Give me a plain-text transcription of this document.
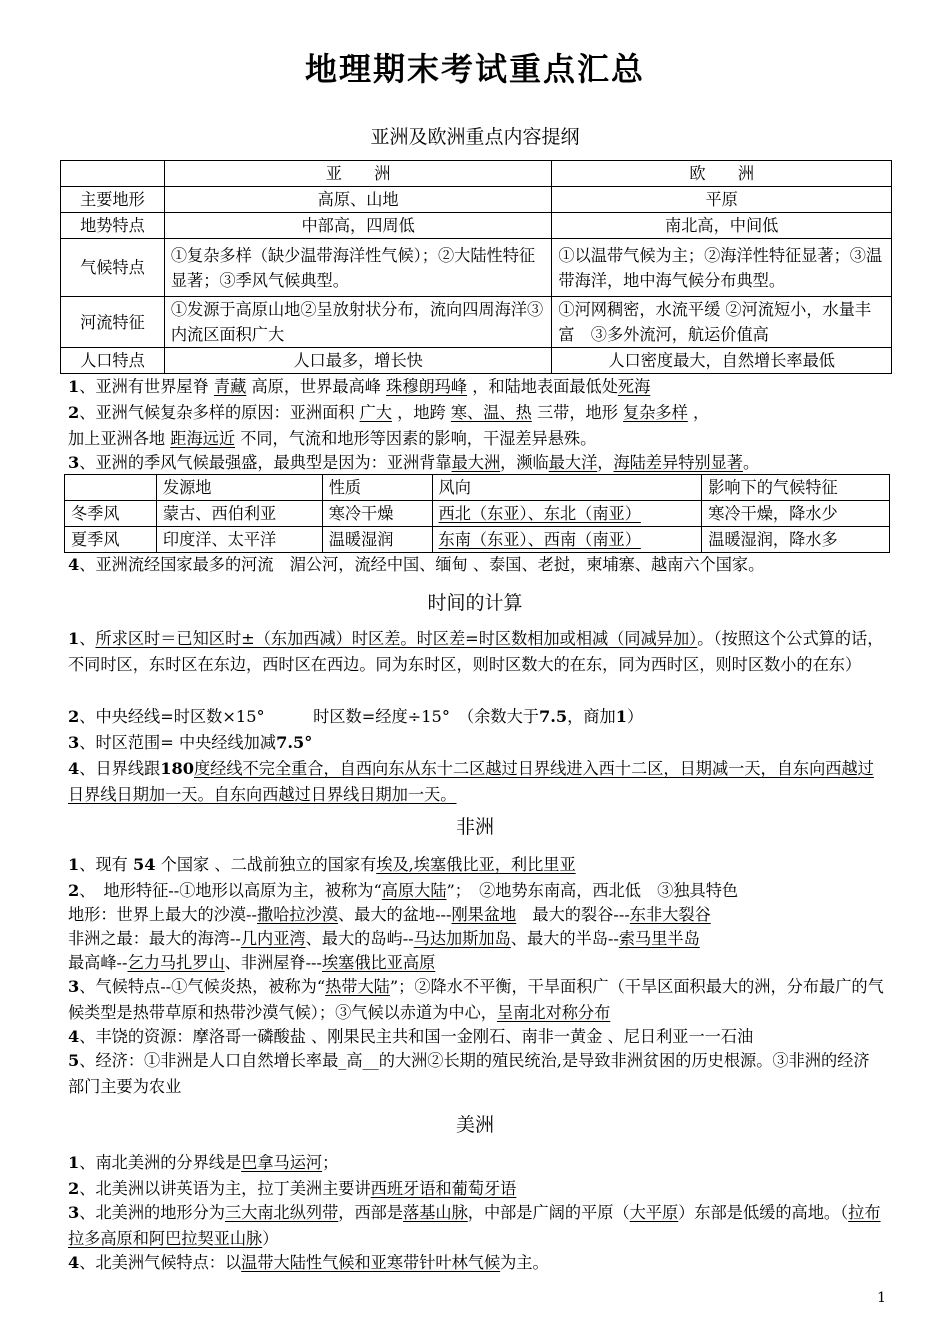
地理期末考试重点汇总
亚洲及欧洲重点内容提纲
	亚　　洲	欧　　洲
主要地形	高原、山地	平原
地势特点	中部高，四周低	南北高，中间低
气候特点	①复杂多样（缺少温带海洋性气候）；②大陆性特征显著；③季风气候典型。	①以温带气候为主；②海洋性特征显著；③温带海洋，地中海气候分布典型。
河流特征	①发源于高原山地②呈放射状分布，流向四周海洋③内流区面积广大	①河网稠密，水流平缓 ②河流短小，水量丰富　③多外流河，航运价值高
人口特点	人口最多，增长快	人口密度最大，自然增长率最低
1、亚洲有世界屋脊 青藏 高原，世界最高峰 珠穆朗玛峰 ，和陆地表面最低处死海
2、亚洲气候复杂多样的原因：亚洲面积 广大 ，地跨 寒、温、热 三带，地形 复杂多样 ，
加上亚洲各地 距海远近 不同，气流和地形等因素的影响，干湿差异悬殊。
3、亚洲的季风气候最强盛，最典型是因为：亚洲背靠最大洲，濒临最大洋，海陆差异特别显著。
	发源地	性质	风向	影响下的气候特征
冬季风	蒙古、西伯利亚	寒冷干燥	西北（东亚）、东北（南亚）	寒冷干燥，降水少
夏季风	印度洋、太平洋	温暖湿润	东南（东亚）、西南（南亚）	温暖湿润，降水多
4、亚洲流经国家最多的河流　 湄公河，流经中国、缅甸 、泰国、老挝，柬埔寨、越南六个国家。
时间的计算
1、所求区时＝已知区时±（东加西减）时区差。时区差=时区数相加或相减（同减异加）。（按照这个公式算的话，不同时区，东时区在东边，西时区在西边。同为东时区，则时区数大的在东，同为西时区，则时区数小的在东）
2、中央经线=时区数×15°　　　	时区数=经度÷15°　 （余数大于7.5，商加1）
3、时区范围= 中央经线加减7.5°
4、日界线跟180度经线不完全重合，自西向东从东十二区越过日界线进入西十二区，日期减一天，自东向西越过日界线日期加一天。自东向西越过日界线日期加一天。
非洲
1、现有 54 个国家 、二战前独立的国家有埃及,埃塞俄比亚，利比里亚
2、　地形特征--①地形以高原为主，被称为“高原大陆”；　②地势东南高，西北低　③独具特色
地形：世界上最大的沙漠--撒哈拉沙漠、最大的盆地---刚果盆地　最大的裂谷---东非大裂谷
非洲之最：最大的海湾--几内亚湾、最大的岛屿--马达加斯加岛、最大的半岛--索马里半岛
最高峰--乞力马扎罗山、非洲屋脊---埃塞俄比亚高原
3、气候特点--①气候炎热，被称为“热带大陆”；②降水不平衡，干旱面积广（干旱区面积最大的洲，分布最广的气候类型是热带草原和热带沙漠气候）；③气候以赤道为中心，呈南北对称分布
4、丰饶的资源：摩洛哥一磷酸盐 、刚果民主共和国一金刚石、南非一黄金 、尼日利亚一一石油
5、经济：①非洲是人口自然增长率最_高__的大洲②长期的殖民统治,是导致非洲贫困的历史根源。③非洲的经济部门主要为农业
美洲
1、南北美洲的分界线是巴拿马运河；
2、北美洲以讲英语为主，拉丁美洲主要讲西班牙语和葡萄牙语
3、北美洲的地形分为三大南北纵列带，西部是落基山脉，中部是广阔的平原（大平原）东部是低缓的高地。（拉布拉多高原和阿巴拉契亚山脉）
4、北美洲气候特点：以温带大陆性气候和亚寒带针叶林气候为主。
1
